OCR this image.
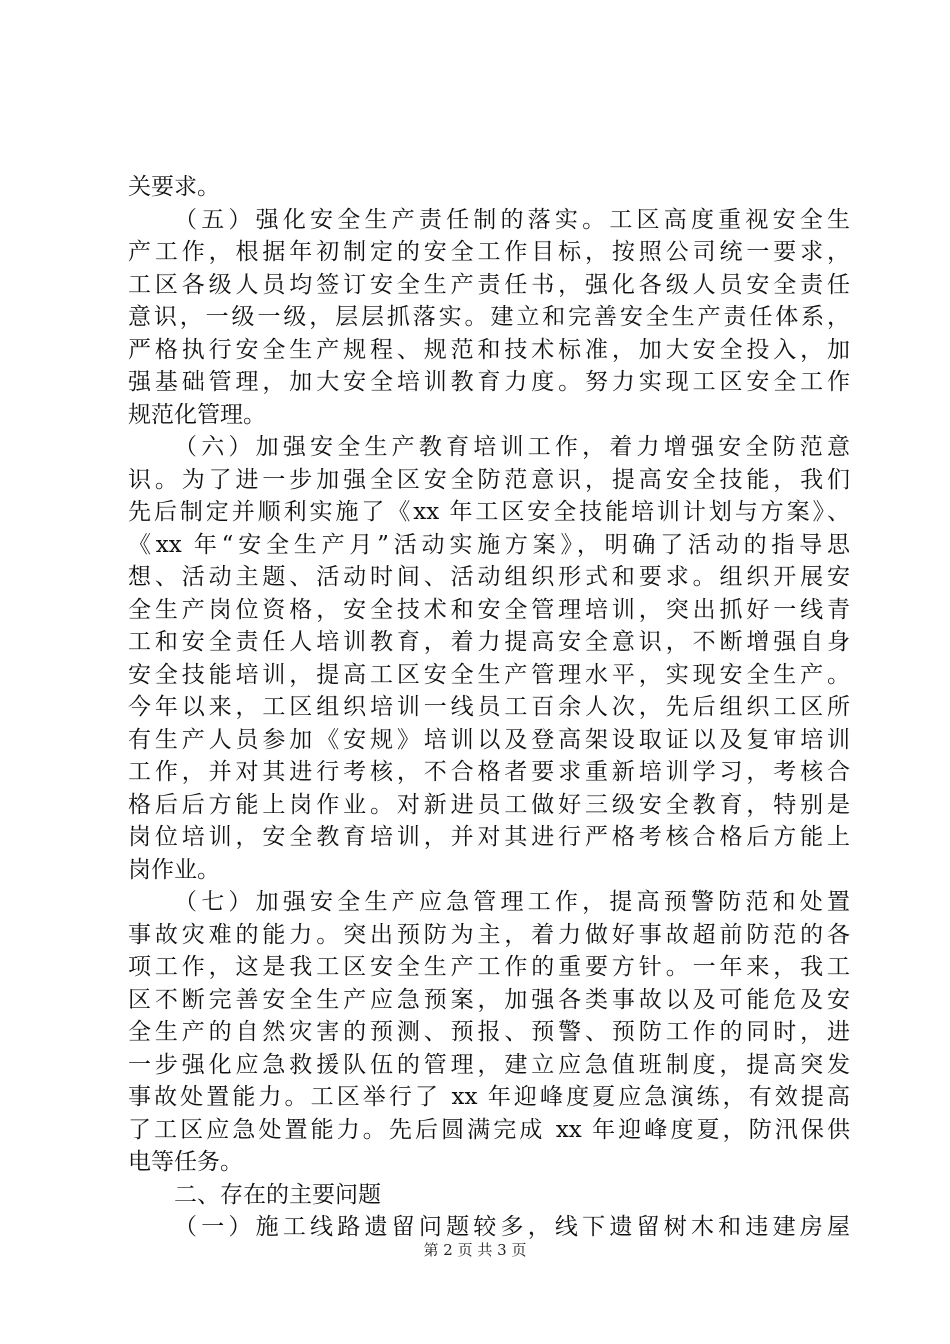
关要求。
（五）强化安全生产责任制的落实。工区高度重视安全生
产工作，根据年初制定的安全工作目标，按照公司统一要求，
工区各级人员均签订安全生产责任书，强化各级人员安全责任
意识，一级一级，层层抓落实。建立和完善安全生产责任体系，
严格执行安全生产规程、规范和技术标准，加大安全投入，加
强基础管理，加大安全培训教育力度。努力实现工区安全工作
规范化管理。
（六）加强安全生产教育培训工作，着力增强安全防范意
识。为了进一步加强全区安全防范意识，提高安全技能，我们
先后制定并顺利实施了《xx 年工区安全技能培训计划与方案》、
《xx 年“安全生产月”活动实施方案》，明确了活动的指导思
想、活动主题、活动时间、活动组织形式和要求。组织开展安
全生产岗位资格，安全技术和安全管理培训，突出抓好一线青
工和安全责任人培训教育，着力提高安全意识，不断增强自身
安全技能培训，提高工区安全生产管理水平，实现安全生产。
今年以来，工区组织培训一线员工百余人次，先后组织工区所
有生产人员参加《安规》培训以及登高架设取证以及复审培训
工作，并对其进行考核，不合格者要求重新培训学习，考核合
格后后方能上岗作业。对新进员工做好三级安全教育，特别是
岗位培训，安全教育培训，并对其进行严格考核合格后方能上
岗作业。
（七）加强安全生产应急管理工作，提高预警防范和处置
事故灾难的能力。突出预防为主，着力做好事故超前防范的各
项工作，这是我工区安全生产工作的重要方针。一年来，我工
区不断完善安全生产应急预案，加强各类事故以及可能危及安
全生产的自然灾害的预测、预报、预警、预防工作的同时，进
一步强化应急救援队伍的管理，建立应急值班制度，提高突发
事故处置能力。工区举行了 xx 年迎峰度夏应急演练，有效提高
了工区应急处置能力。先后圆满完成 xx 年迎峰度夏，防汛保供
电等任务。
二、存在的主要问题
（一）施工线路遗留问题较多，线下遗留树木和违建房屋
第 2 页 共 3 页
